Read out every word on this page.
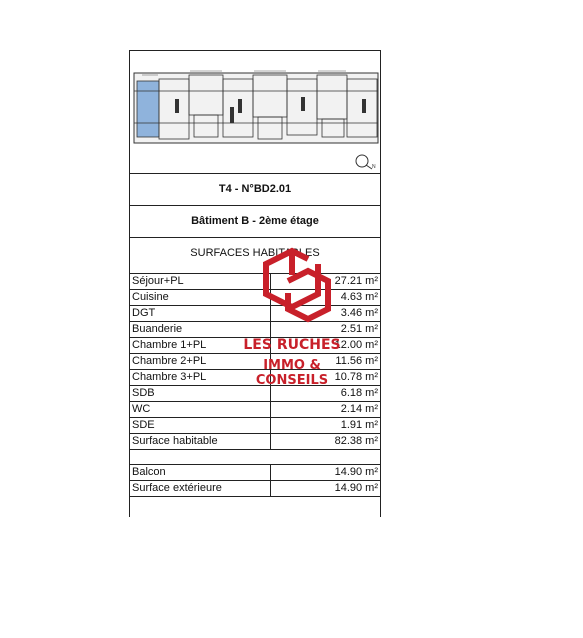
N
T4 - N°BD2.01
Bâtiment B - 2ème étage
SURFACES HABITABLES
Séjour+PL	27.21 m²
Cuisine	4.63 m²
DGT	3.46 m²
Buanderie	2.51 m²
Chambre 1+PL	12.00 m²
Chambre 2+PL	11.56 m²
Chambre 3+PL	10.78 m²
SDB	6.18 m²
WC	2.14 m²
SDE	1.91 m²
Surface habitable	82.38 m²

Balcon	14.90 m²
Surface extérieure	14.90 m²
LES RUCHES
IMMO & CONSEILS
